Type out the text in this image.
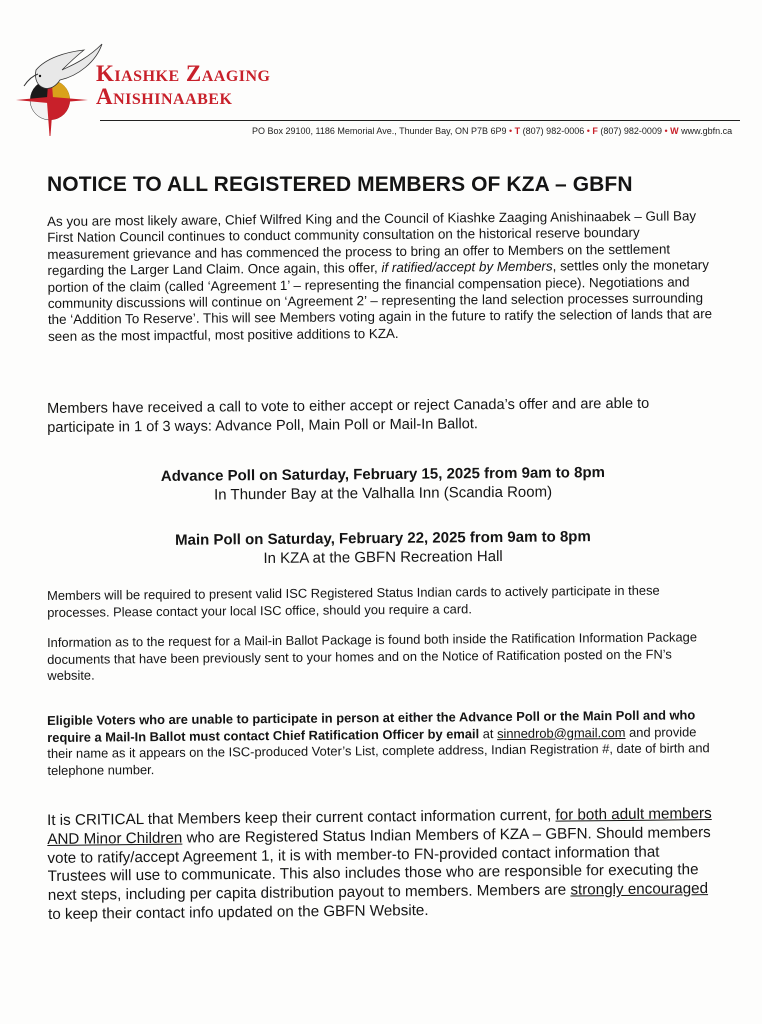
Kiashke Zaaging
Anishinaabek
PO Box 29100, 1186 Memorial Ave., Thunder Bay, ON P7B 6P9 • T (807) 982-0006 • F (807) 982-0009 • W www.gbfn.ca
NOTICE TO ALL REGISTERED MEMBERS OF KZA – GBFN
As you are most likely aware, Chief Wilfred King and the Council of Kiashke Zaaging Anishinaabek – Gull Bay First Nation Council continues to conduct community consultation on the historical reserve boundary measurement grievance and has commenced the process to bring an offer to Members on the settlement regarding the Larger Land Claim. Once again, this offer, if ratified/accept by Members, settles only the monetary portion of the claim (called ‘Agreement 1’ – representing the financial compensation piece). Negotiations and community discussions will continue on ‘Agreement 2’ – representing the land selection processes surrounding the ‘Addition To Reserve’. This will see Members voting again in the future to ratify the selection of lands that are seen as the most impactful, most positive additions to KZA.
Members have received a call to vote to either accept or reject Canada’s offer and are able to participate in 1 of 3 ways: Advance Poll, Main Poll or Mail-In Ballot.
Advance Poll on Saturday, February 15, 2025 from 9am to 8pm
In Thunder Bay at the Valhalla Inn (Scandia Room)
Main Poll on Saturday, February 22, 2025 from 9am to 8pm
In KZA at the GBFN Recreation Hall
Members will be required to present valid ISC Registered Status Indian cards to actively participate in these processes. Please contact your local ISC office, should you require a card.
Information as to the request for a Mail-in Ballot Package is found both inside the Ratification Information Package documents that have been previously sent to your homes and on the Notice of Ratification posted on the FN’s website.
Eligible Voters who are unable to participate in person at either the Advance Poll or the Main Poll and who require a Mail-In Ballot must contact Chief Ratification Officer by email at sinnedrob@gmail.com and provide their name as it appears on the ISC-produced Voter’s List, complete address, Indian Registration #, date of birth and telephone number.
It is CRITICAL that Members keep their current contact information current, for both adult members AND Minor Children who are Registered Status Indian Members of KZA – GBFN. Should members vote to ratify/accept Agreement 1, it is with member-to FN-provided contact information that Trustees will use to communicate. This also includes those who are responsible for executing the next steps, including per capita distribution payout to members. Members are strongly encouraged to keep their contact info updated on the GBFN Website.
